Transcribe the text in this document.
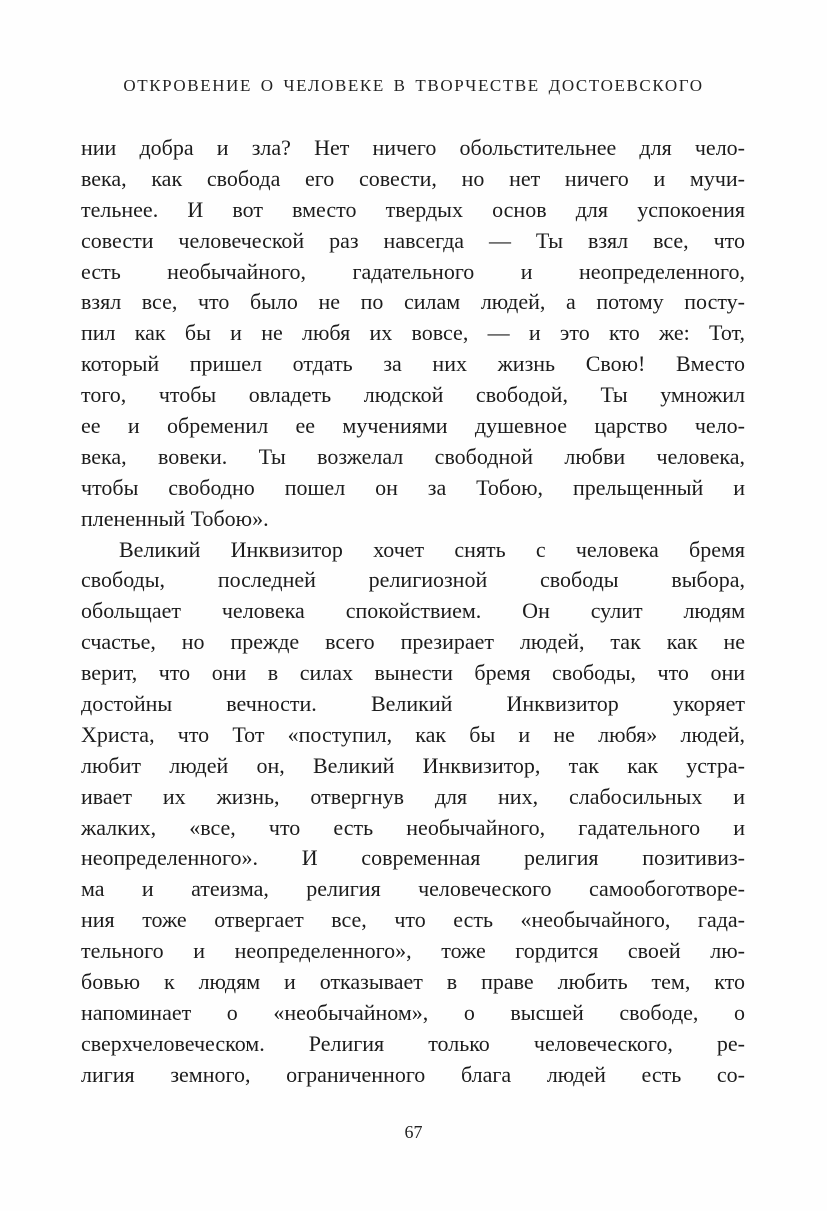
ОТКРОВЕНИЕ О ЧЕЛОВЕКЕ В ТВОРЧЕСТВЕ ДОСТОЕВСКОГО
нии добра и зла? Нет ничего обольстительнее для чело-
века, как свобода его совести, но нет ничего и мучи-
тельнее. И вот вместо твердых основ для успокоения
совести человеческой раз навсегда — Ты взял все, что
есть необычайного, гадательного и неопределенного,
взял все, что было не по силам людей, а потому посту-
пил как бы и не любя их вовсе, — и это кто же: Тот,
который пришел отдать за них жизнь Свою! Вместо
того, чтобы овладеть людской свободой, Ты умножил
ее и обременил ее мучениями душевное царство чело-
века, вовеки. Ты возжелал свободной любви человека,
чтобы свободно пошел он за Тобою, прельщенный и
плененный Тобою».
Великий Инквизитор хочет снять с человека бремя
свободы, последней религиозной свободы выбора,
обольщает человека спокойствием. Он сулит людям
счастье, но прежде всего презирает людей, так как не
верит, что они в силах вынести бремя свободы, что они
достойны вечности. Великий Инквизитор укоряет
Христа, что Тот «поступил, как бы и не любя» людей,
любит людей он, Великий Инквизитор, так как устра-
ивает их жизнь, отвергнув для них, слабосильных и
жалких, «все, что есть необычайного, гадательного и
неопределенного». И современная религия позитивиз-
ма и атеизма, религия человеческого самообоготворе-
ния тоже отвергает все, что есть «необычайного, гада-
тельного и неопределенного», тоже гордится своей лю-
бовью к людям и отказывает в праве любить тем, кто
напоминает о «необычайном», о высшей свободе, о
сверхчеловеческом. Религия только человеческого, ре-
лигия земного, ограниченного блага людей есть со-
67
